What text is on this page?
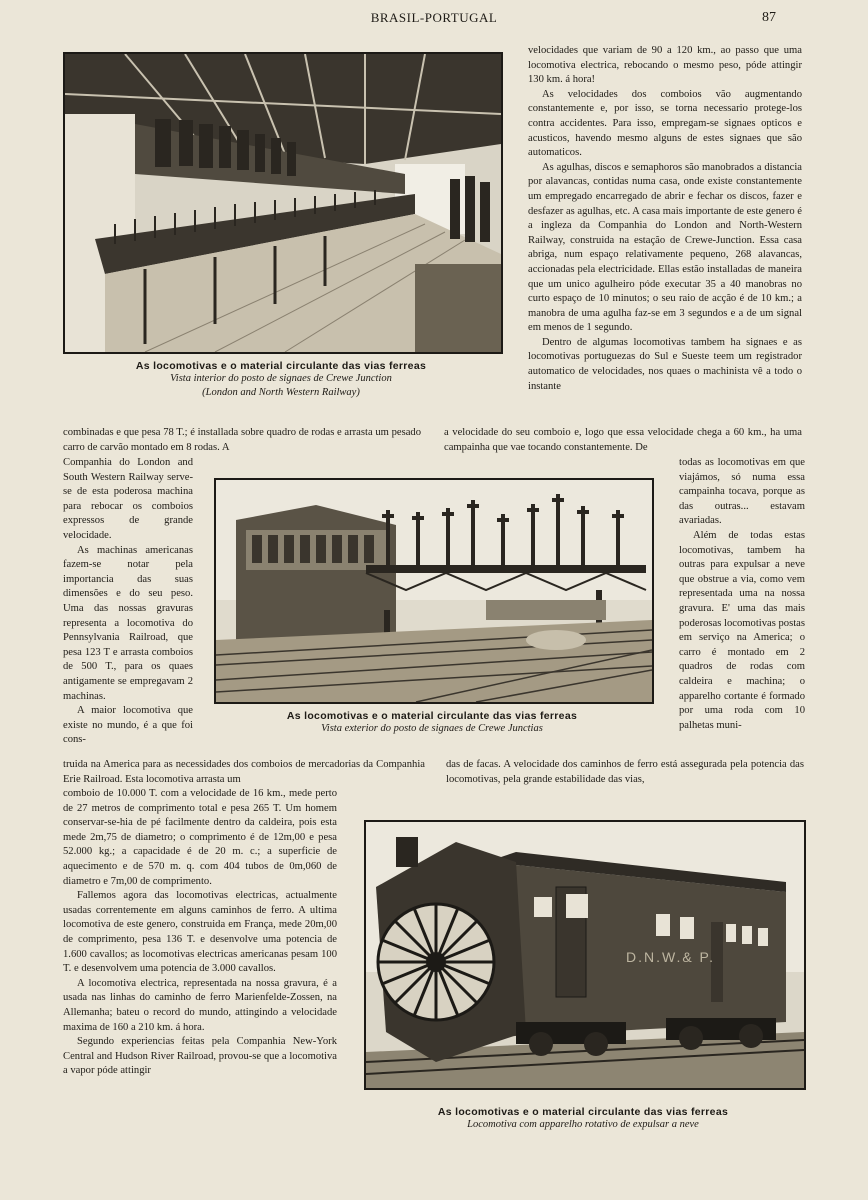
BRASIL-PORTUGAL	87
As locomotivas e o material circulante das vias ferreas
Vista interior do posto de signaes de Crewe Junction
(London and North Western Railway)

velocidades que variam de 90 a 120 km., ao passo que uma locomotiva electrica, rebocando o mesmo peso, póde attingir 130 km. á hora!

As velocidades dos comboios vão augmentando constantemente e, por isso, se torna necessario protege-los contra accidentes. Para isso, empregam-se signaes opticos e acusticos, havendo mesmo alguns de estes signaes que são automaticos.

As agulhas, discos e semaphoros são manobrados a distancia por alavancas, contidas numa casa, onde existe constantemente um empregado encarregado de abrir e fechar os discos, fazer e desfazer as agulhas, etc. A casa mais importante de este genero é a ingleza da Companhia do London and North-Western Railway, construida na estação de Crewe-Junction. Essa casa abriga, num espaço relativamente pequeno, 268 alavancas, accionadas pela electricidade. Ellas estão installadas de maneira que um unico agulheiro póde executar 35 a 40 manobras no curto espaço de 10 minutos; o seu raio de acção é de 10 km.; a manobra de uma agulha faz-se em 3 segundos e a de um signal em menos de 1 segundo.

Dentro de algumas locomotivas tambem ha signaes e as locomotivas portuguezas do Sul e Sueste teem um registrador automatico de velocidades, nos quaes o machinista vê a todo o instante

combinadas e que pesa 78 T.; é installada sobre quadro de rodas e arrasta um pesado carro de carvão montado em 8 rodas. A

a velocidade do seu comboio e, logo que essa velocidade chega a 60 km., ha uma campainha que vae tocando constantemente. De

Companhia do London and South Western Railway serve-se de esta poderosa machina para rebocar os comboios expressos de grande velocidade.

As machinas americanas fazem-se notar pela importancia das suas dimensões e do seu peso. Uma das nossas gravuras representa a locomotiva do Pennsylvania Railroad, que pesa 123 T e arrasta comboios de 500 T., para os quaes antigamente se empregavam 2 machinas.

A maior locomotiva que existe no mundo, é a que foi cons-

todas as locomotivas em que viajámos, só numa essa campainha tocava, porque as das outras... estavam avariadas.

Além de todas estas locomotivas, tambem ha outras para expulsar a neve que obstrue a via, como vem representada uma na nossa gravura. E' uma das mais poderosas locomotivas postas em serviço na America; o carro é montado em 2 quadros de rodas com caldeira e machina; o apparelho cortante é formado por uma roda com 10 palhetas muni-

As locomotivas e o material circulante das vias ferreas
Vista exterior do posto de signaes de Crewe Junctias

truida na America para as necessidades dos comboios de mercadorias da Companhia Erie Railroad. Esta locomotiva arrasta um

das de facas. A velocidade dos caminhos de ferro está assegurada pela potencia das locomotivas, pela grande estabilidade das vias,

comboio de 10.000 T. com a velocidade de 16 km., mede perto de 27 metros de comprimento total e pesa 265 T. Um homem conservar-se-hia de pé facilmente dentro da caldeira, pois esta mede 2m,75 de diametro; o comprimento é de 12m,00 e pesa 52.000 kg.; a capacidade é de 20 m. c.; a superficie de aquecimento e de 570 m. q. com 404 tubos de 0m,060 de diametro e 7m,00 de comprimento.

Fallemos agora das locomotivas electricas, actualmente usadas correntemente em alguns caminhos de ferro. A ultima locomotiva de este genero, construida em França, mede 20m,00 de comprimento, pesa 136 T. e desenvolve uma potencia de 1.600 cavallos; as locomotivas electricas americanas pesam 100 T. e desenvolvem uma potencia de 3.000 cavallos.

A locomotiva electrica, representada na nossa gravura, é a usada nas linhas do caminho de ferro Marienfelde-Zossen, na Allemanha; bateu o record do mundo, attingindo a velocidade maxima de 160 a 210 km. á hora.

Segundo experiencias feitas pela Companhia New-York Central and Hudson River Railroad, provou-se que a locomotiva a vapor póde attingir

D.N.W.& P.
As locomotivas e o material circulante das vias ferreas
Locomotiva com apparelho rotativo de expulsar a neve
